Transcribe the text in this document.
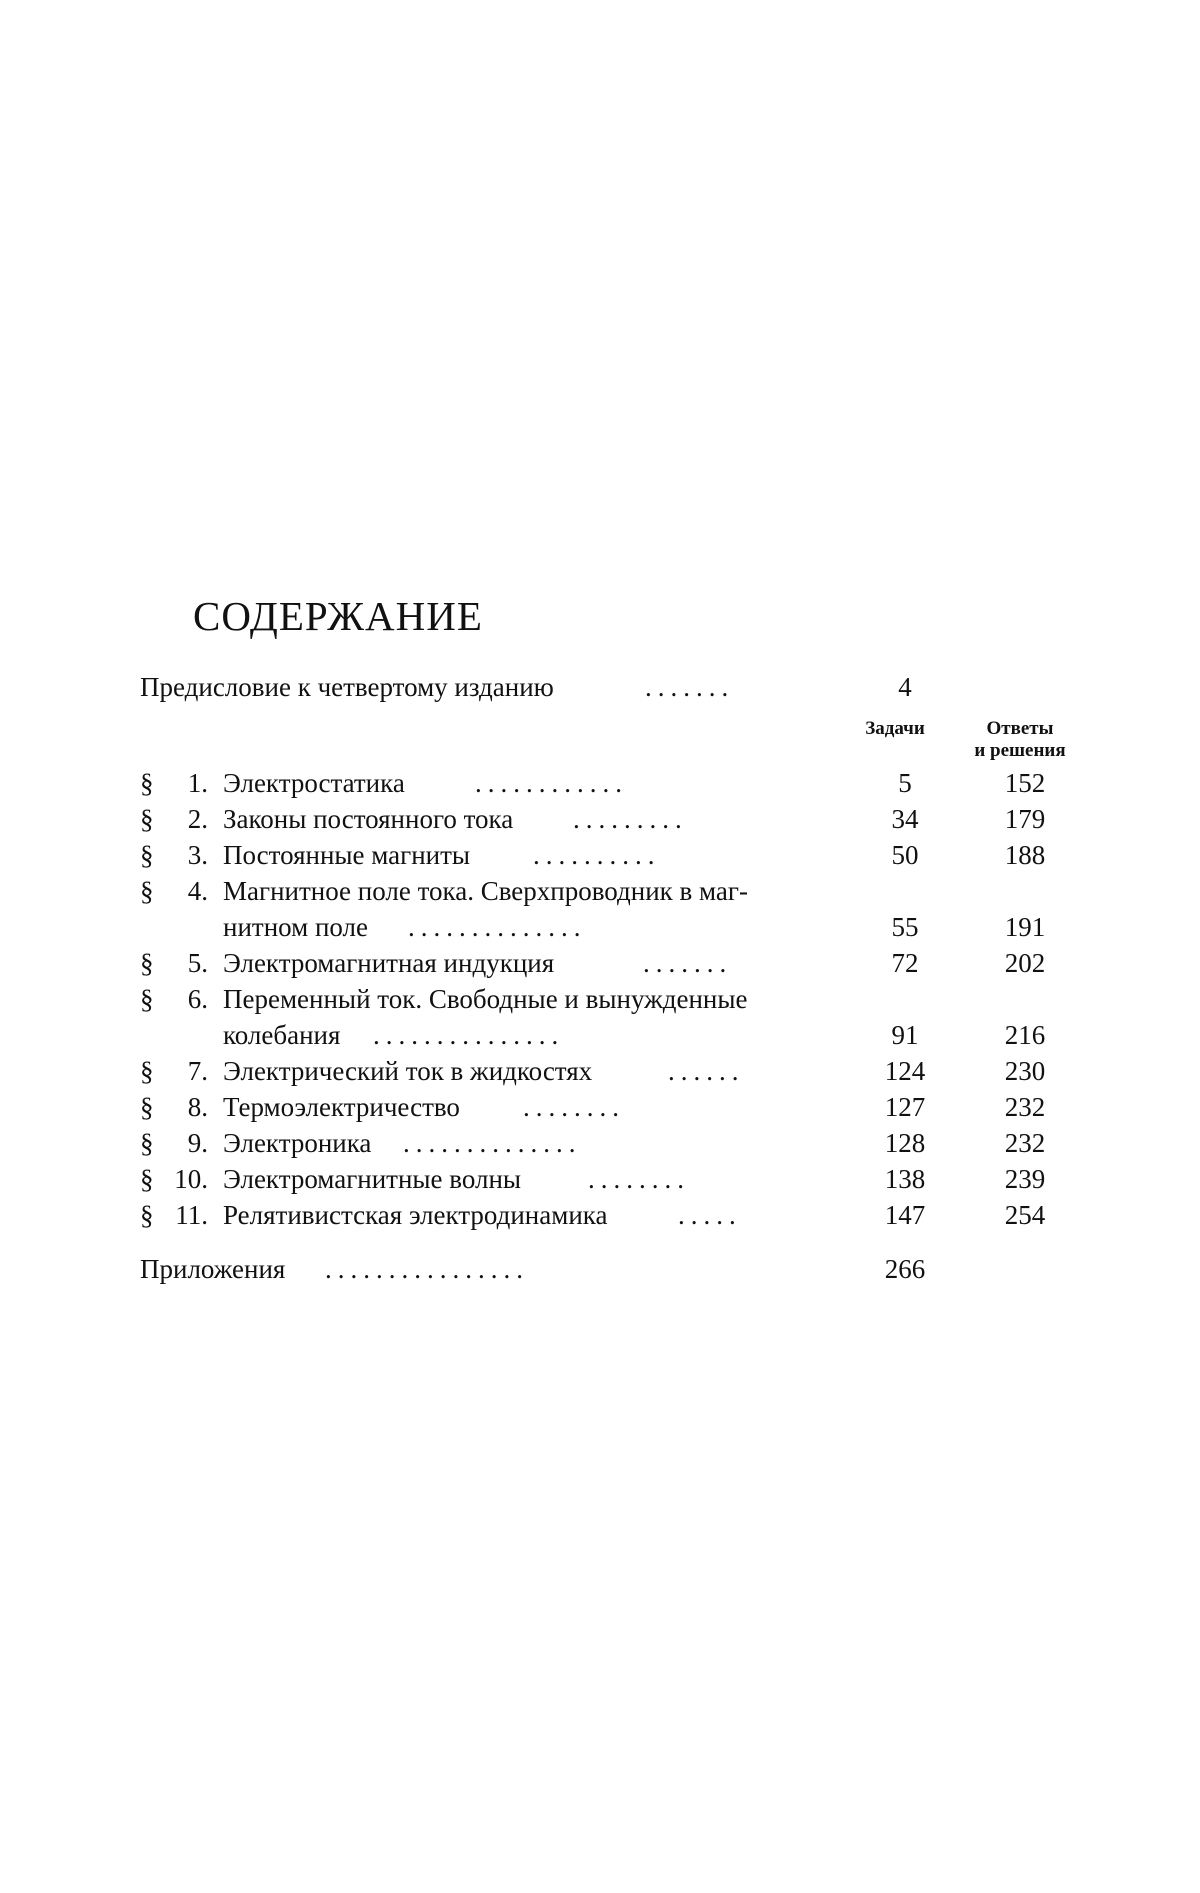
СОДЕРЖАНИЕ
Предисловие к четвертому изданию	.......	4
Задачи	Ответы
и решения
§	1. Электростатика	............	5	152
§	2. Законы постоянного тока .........	34	179
§	3. Постоянные магниты ..........	50	188
§	4. Магнитное поле тока. Сверхпроводник в маг-
нитном поле ..............	55	191
§	5. Электромагнитная индукция	.......	72	202
§	6. Переменный ток. Свободные и вынужденные
колебания ...............	91	216
§	7. Электрический ток в жидкостях	......	124	230
§	8. Термоэлектричество ........	127	232
§	9. Электроника ..............	128	232
§ 10. Электромагнитные волны ........	138	239
§ 11. Релятивистская электродинамика	.....	147	254
Приложения ................	266
